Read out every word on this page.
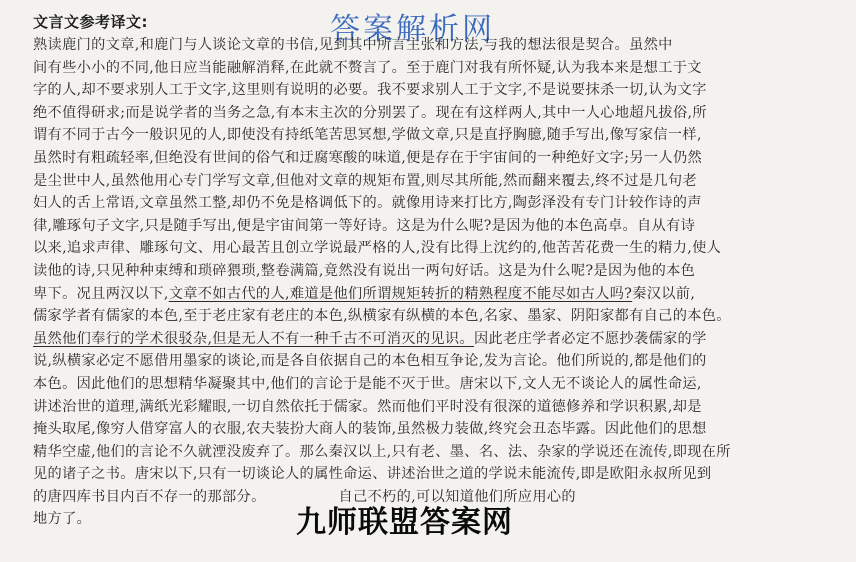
文言文参考译文:	答案解析网
熟读鹿门的文章,和鹿门与人谈论文章的书信,见到其中所言主张和方法,与我的想法很是契合。虽然中
间有些小小的不同,他日应当能融解消释,在此就不赘言了。至于鹿门对我有所怀疑,认为我本来是想工于文
字的人,却不要求别人工于文字,这里则有说明的必要。我不要求别人工于文字,不是说要抹杀一切,认为文字
绝不值得研求;而是说学者的当务之急,有本末主次的分别罢了。现在有这样两人,其中一人心地超凡拔俗,所
谓有不同于古今一般识见的人,即使没有持纸笔苦思冥想,学做文章,只是直抒胸臆,随手写出,像写家信一样,
虽然时有粗疏轻率,但绝没有世间的俗气和迂腐寒酸的味道,便是存在于宇宙间的一种绝好文字;另一人仍然
是尘世中人,虽然他用心专门学写文章,但他对文章的规矩布置,则尽其所能,然而翻来覆去,终不过是几句老
妇人的舌上常语,文章虽然工整,却仍不免是格调低下的。就像用诗来打比方,陶彭泽没有专门计较作诗的声
律,雕琢句子文字,只是随手写出,便是宇宙间第一等好诗。这是为什么呢?是因为他的本色高卓。自从有诗
以来,追求声律、雕琢句文、用心最苦且创立学说最严格的人,没有比得上沈约的,他苦苦花费一生的精力,使人
读他的诗,只见种种束缚和琐碎猥琐,整卷满篇,竟然没有说出一两句好话。这是为什么呢?是因为他的本色
卑下。况且两汉以下,文章不如古代的人,难道是他们所谓规矩转折的精熟程度不能尽如古人吗?秦汉以前,
儒家学者有儒家的本色,至于老庄家有老庄的本色,纵横家有纵横的本色,名家、墨家、阴阳家都有自己的本色。
虽然他们奉行的学术很驳杂,但是无人不有一种千古不可消灭的见识。因此老庄学者必定不愿抄袭儒家的学
说,纵横家必定不愿借用墨家的谈论,而是各自依据自己的本色相互争论,发为言论。他们所说的,都是他们的
本色。因此他们的思想精华凝聚其中,他们的言论于是能不灭于世。唐宋以下,文人无不谈论人的属性命运,
讲述治世的道理,满纸光彩耀眼,一切自然依托于儒家。然而他们平时没有很深的道德修养和学识积累,却是
掩头取尾,像穷人借穿富人的衣服,农夫装扮大商人的装饰,虽然极力装做,终究会丑态毕露。因此他们的思想
精华空虚,他们的言论不久就湮没废弃了。那么秦汉以上,只有老、墨、名、法、杂家的学说还在流传,即现在所
见的诸子之书。唐宋以下,只有一切谈论人的属性命运、讲述治世之道的学说未能流传,即是欧阳永叔所见到
的唐四库书目内百不存一的那部分。               自己不朽的,可以知道他们所应用心的
地方了。	九师联盟答案网
